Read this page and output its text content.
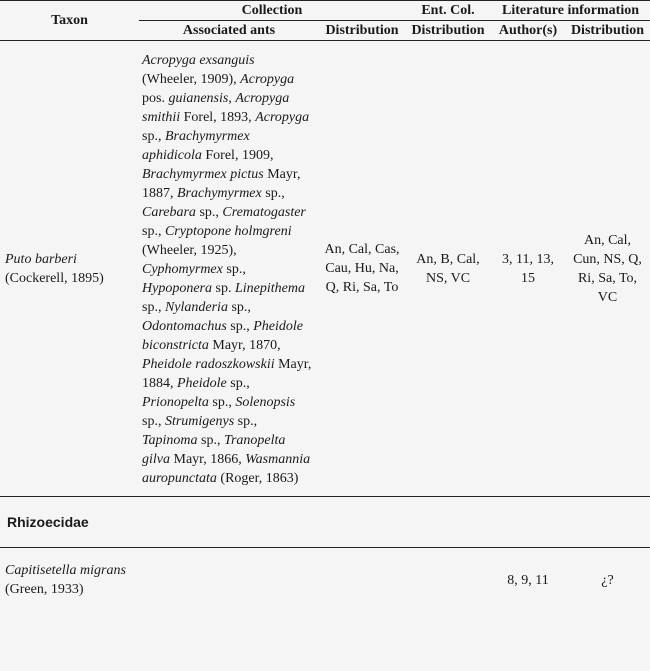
Taxon	Collection		Ent. Col.	Literature information	
	Associated ants	Distribution	Distribution	Author(s)	Distribution
Puto barberi
(Cockerell, 1895)	Acropyga exsanguis (Wheeler, 1909), Acropyga pos. guianensis, Acropyga smithii Forel, 1893, Acropyga sp., Brachymyrmex aphidicola Forel, 1909, Brachymyrmex pictus Mayr, 1887, Brachymyrmex sp., Carebara sp., Crematogaster sp., Cryptopone holmgreni (Wheeler, 1925), Cyphomyrmex sp., Hypoponera sp. Linepithema sp., Nylanderia sp., Odontomachus sp., Pheidole biconstricta Mayr, 1870, Pheidole radoszkowskii Mayr, 1884, Pheidole sp., Prionopelta sp., Solenopsis sp., Strumigenys sp., Tapinoma sp., Tranopelta gilva Mayr, 1866, Wasmannia auropunctata (Roger, 1863)	An, Cal, Cas, Cau, Hu, Na, Q, Ri, Sa, To	An, B, Cal, NS, VC	3, 11, 13, 15	An, Cal, Cun, NS, Q, Ri, Sa, To, VC

Rhizoecidae					

Capitisetella migrans (Green, 1933)				8, 9, 11	¿?
